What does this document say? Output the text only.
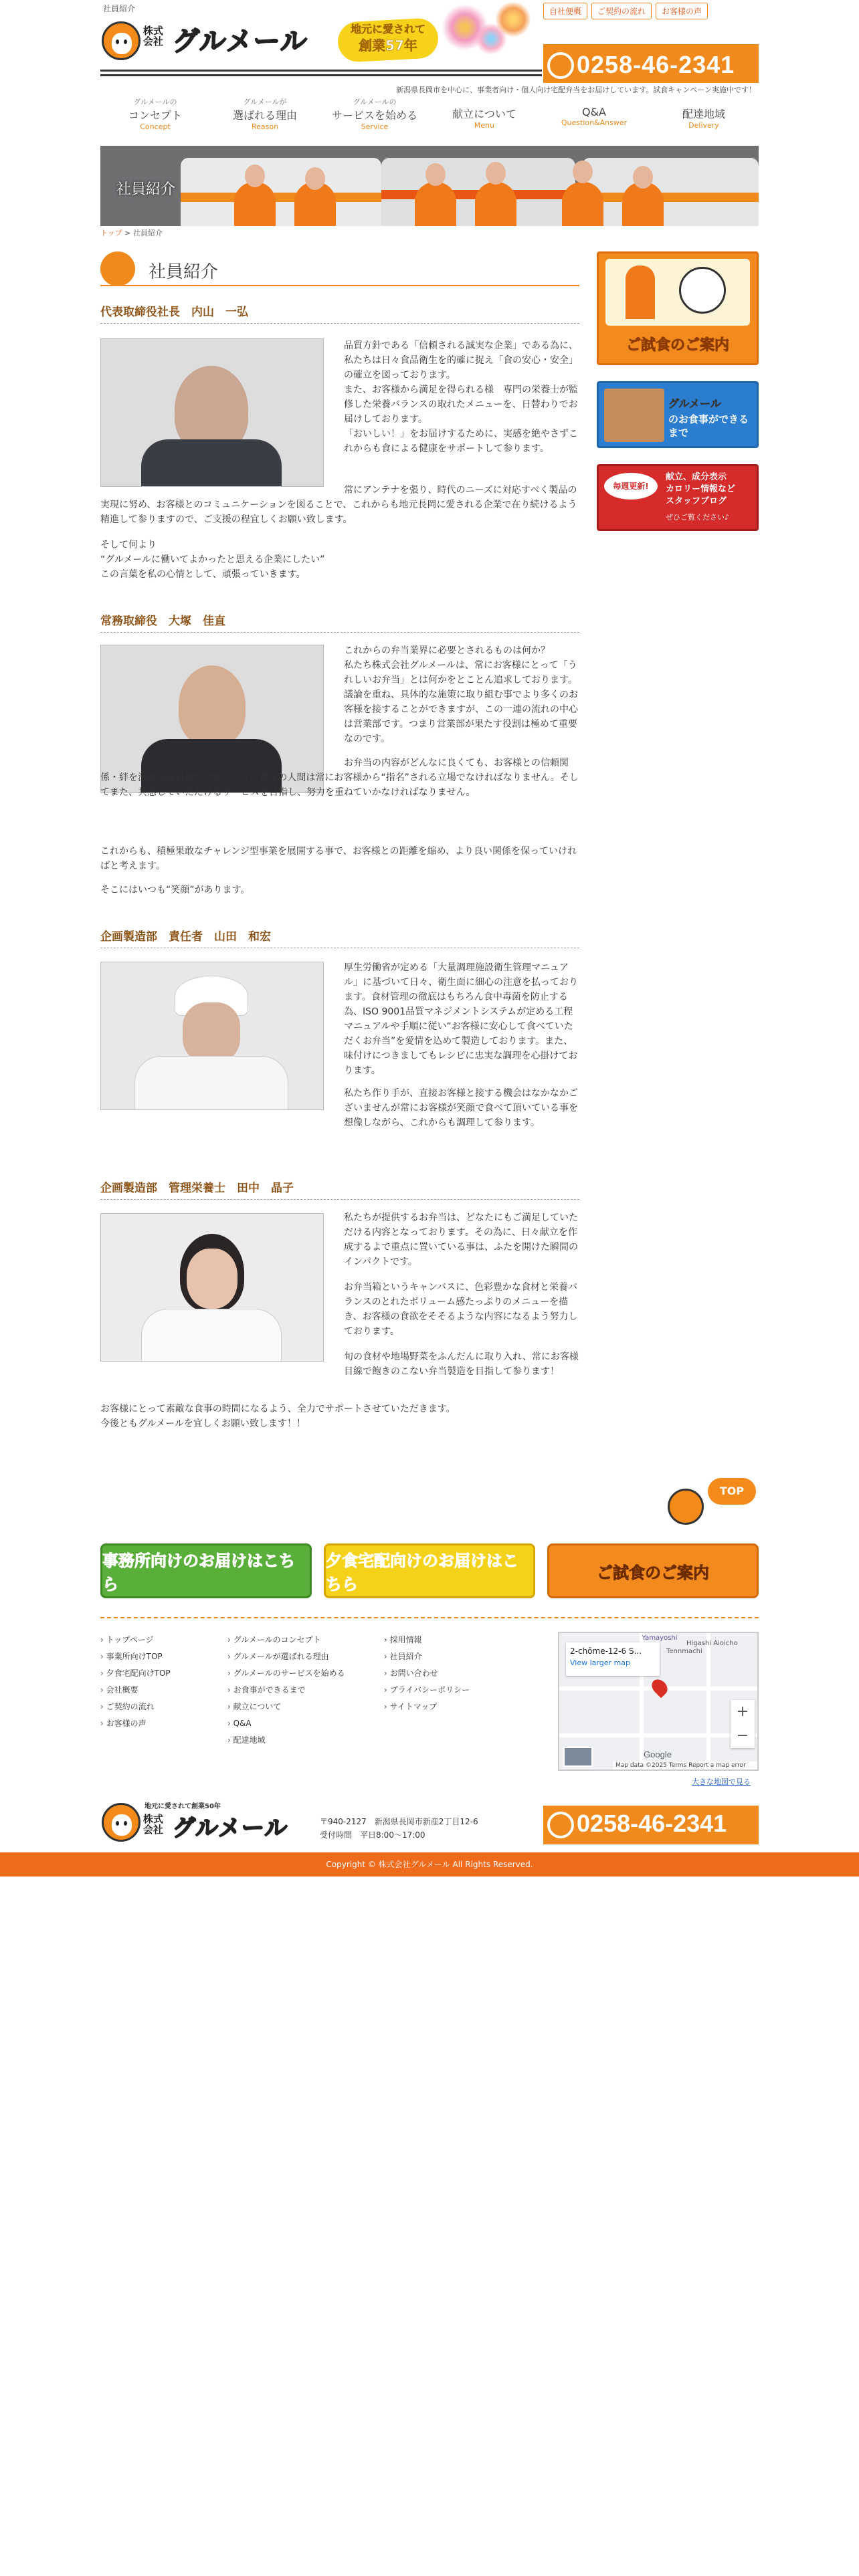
社員紹介
株式
会社 グルメール	地元に愛されて
創業57年
自社便概	ご契約の流れ	お客様の声
0258-46-2341
新潟県長岡市を中心に、事業者向け・個人向け宅配弁当をお届けしています。試食キャンペーン実施中です！
グルメールの
コンセプト
Concept
グルメールが
選ばれる理由
Reason
グルメールの
サービスを始める
Service
献立について
Menu
Q&A
Question&Answer
配達地域
Delivery
社員紹介
トップ > 社員紹介
社員紹介
代表取締役社長　内山　一弘
品質方針である「信頼される誠実な企業」である為に、私たちは日々食品衛生を的確に捉え「食の安心・安全」の確立を図っております。
また、お客様から満足を得られる様　専門の栄養士が監修した栄養バランスの取れたメニューを、日替わりでお届けしております。
「おいしい！」をお届けするために、実感を絶やさずこれからも食による健康をサポートして参ります。
常にアンテナを張り、時代のニーズに対応すべく製品の実現に努め、お客様とのコミュニケーションを図ることで、これからも地元長岡に愛される企業で在り続けるよう精進して参りますので、ご支援の程宜しくお願い致します。
そして何より
“グルメールに働いてよかったと思える企業にしたい”
この言葉を私の心情として、頑張っていきます。
常務取締役　大塚　佳直
これからの弁当業界に必要とされるものは何か？
私たち株式会社グルメールは、常にお客様にとって「うれしいお弁当」とは何かをとことん追求しております。議論を重ね、具体的な施策に取り組む事でより多くのお客様を接することができますが、この一連の流れの中心は営業部です。つまり営業部が果たす役割は極めて重要なのです。
お弁当の内容がどんなに良くても、お客様との信頼関係・絆を深める役目は“人”なのです。営業の人間は常にお客様から“指名”される立場でなければなりません。そしてまた、共感していただけるサービスを目指し、努力を重ねていかなければなりません。
これからも、積極果敢なチャレンジ型事業を展開する事で、お客様との距離を縮め、より良い関係を保っていければと考えます。
そこにはいつも“笑顔”があります。
企画製造部　責任者　山田　和宏
厚生労働省が定める「大量調理施設衛生管理マニュアル」に基づいて日々、衛生面に細心の注意を払っております。食材管理の徹底はもちろん食中毒菌を防止する為、ISO 9001品質マネジメントシステムが定める工程マニュアルや手順に従い“お客様に安心して食べていただくお弁当”を愛情を込めて製造しております。また、味付けにつきましてもレシピに忠実な調理を心掛けております。
私たち作り手が、直接お客様と接する機会はなかなかございませんが常にお客様が笑顔で食べて頂いている事を想像しながら、これからも調理して参ります。
企画製造部　管理栄養士　田中　晶子
私たちが提供するお弁当は、どなたにもご満足していただける内容となっております。その為に、日々献立を作成するよで重点に置いている事は、ふたを開けた瞬間のインパクトです。
お弁当箱というキャンバスに、色彩豊かな食材と栄養バランスのとれたボリューム感たっぷりのメニューを描き、お客様の食欲をそそるような内容になるよう努力しております。
旬の食材や地場野菜をふんだんに取り入れ、常にお客様目線で飽きのこない弁当製造を目指して参ります！
お客様にとって素敵な食事の時間になるよう、全力でサポートさせていただきます。
今後ともグルメールを宜しくお願い致します！！
ご試食のご案内
グルメール
のお食事ができるまで
毎週更新!
献立、成分表示
カロリー情報など
スタッフブログ
ぜひご覧ください♪
TOP
事務所向けのお届けはこちら
夕食宅配向けのお届けはこちら
ご試食のご案内
› トップページ
› 事業所向けTOP
› 夕食宅配向けTOP
› 会社概要
› ご契約の流れ
› お客様の声
› グルメールのコンセプト
› グルメールが選ばれる理由
› グルメールのサービスを始める
› お食事ができるまで
› 献立について
› Q&A
› 配達地域
› 採用情報
› 社員紹介
› お問い合わせ
› プライバシーポリシー
› サイトマップ
Yamayoshi
Tennmachi
Higashi Aioicho
2-chōme-12-6 S...
View larger map
+
−
Google
Map data ©2025 Terms Report a map error
大きな地図で見る
地元に愛されて創業50年
株式
会社 グルメール	〒940-2127　新潟県長岡市新産2丁目12-6
受付時間　平日8:00〜17:00	0258-46-2341
Copyright © 株式会社グルメール All Rights Reserved.
